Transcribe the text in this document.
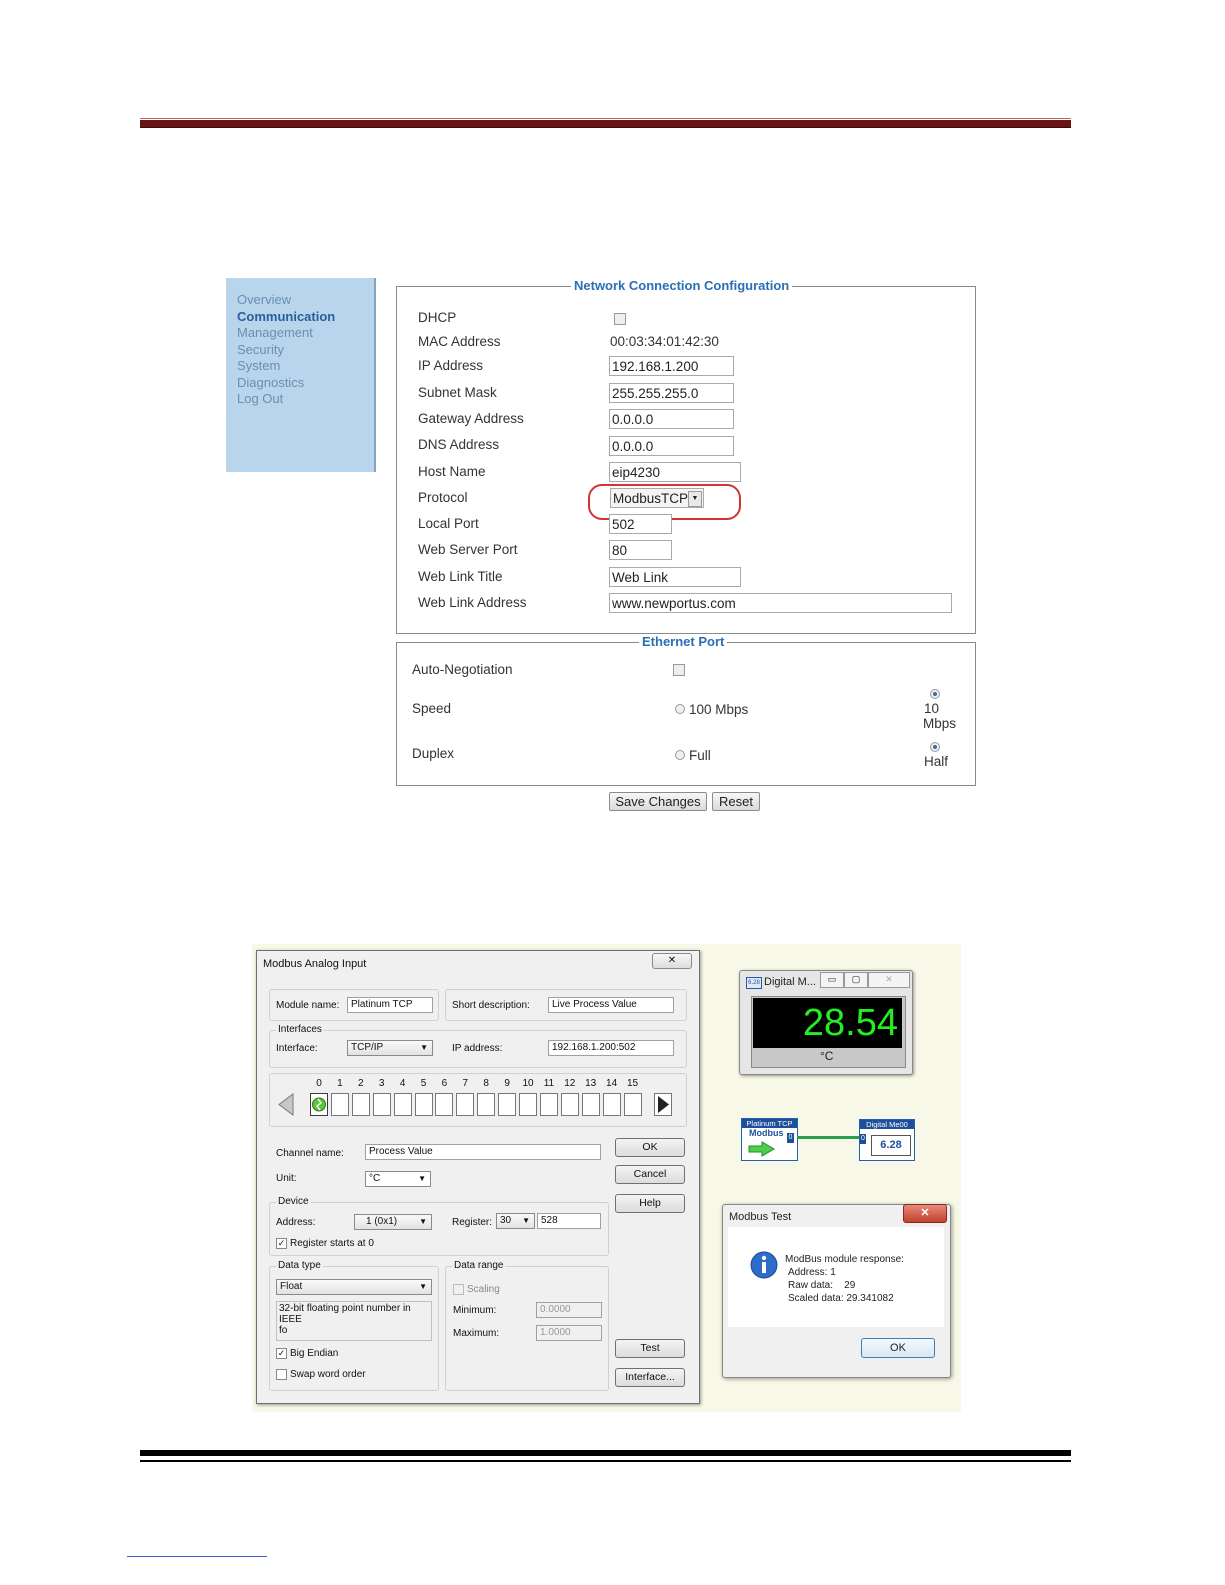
Overview
Communication
Management
Security
System
Diagnostics
Log Out
Network Connection Configuration
DHCP
MAC Address	00:03:34:01:42:30
IP Address	192.168.1.200
Subnet Mask	255.255.255.0
Gateway Address	0.0.0.0
DNS Address	0.0.0.0
Host Name	eip4230
Protocol	ModbusTCP ▼
Local Port	502
Web Server Port	80
Web Link Title	Web Link
Web Link Address	www.newportus.com
Ethernet Port
Auto-Negotiation
Speed	100 Mbps	10
Mbps
Duplex	Full	Half
Save Changes	Reset
Modbus Analog Input	✕
Module name:	Platinum TCP	Short description:	Live Process Value
Interfaces
Interface:	TCP/IP	▼ IP address:	192.168.1.200:502
Channel name:	Process Value
Unit:	°C	▼
Device
Address:	1 (0x1)	▼	Register: 30 ▼	528
✓ Register starts at 0
Data type
Float	▼
32-bit floating point number in IEEE
fo
✓ Big Endian
Swap word order
Data range
Scaling
Minimum:	0.0000
Maximum:	1.0000
OK
Cancel
Help
Test
Interface...
0	1	2	3	4	5	6	7	8	9	10	11	12 13 14 15
6.28 Digital M...	▭	▢	✕
28.54
°C
Platinum TCP
Modbus 0
Digital Me00
0
6.28
Modbus Test	✕
ModBus module response:
Address: 1
Raw data:    29
Scaled data: 29.341082
OK
